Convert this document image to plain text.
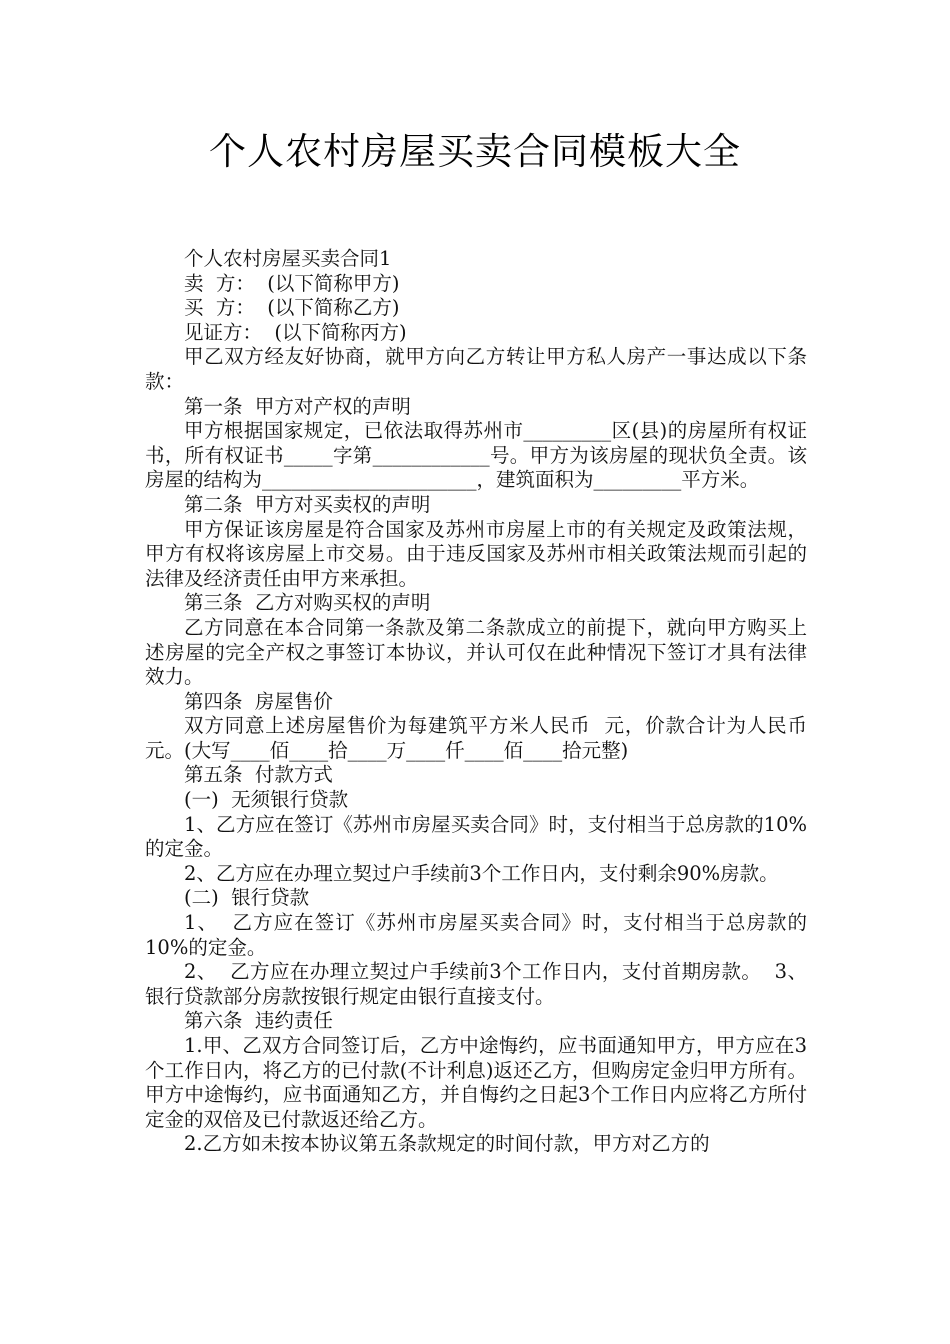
个人农村房屋买卖合同模板大全

个人农村房屋买卖合同1

卖  方：  (以下简称甲方)

买  方：  (以下简称乙方)

见证方：  (以下简称丙方)

甲乙双方经友好协商，就甲方向乙方转让甲方私人房产一事达成以下条款：

第一条  甲方对产权的声明

甲方根据国家规定，已依法取得苏州市_________区(县)的房屋所有权证书，所有权证书_____字第____________号。甲方为该房屋的现状负全责。该房屋的结构为______________________，建筑面积为_________平方米。

第二条  甲方对买卖权的声明

甲方保证该房屋是符合国家及苏州市房屋上市的有关规定及政策法规，甲方有权将该房屋上市交易。由于违反国家及苏州市相关政策法规而引起的法律及经济责任由甲方来承担。

第三条  乙方对购买权的声明

乙方同意在本合同第一条款及第二条款成立的前提下，就向甲方购买上述房屋的完全产权之事签订本协议，并认可仅在此种情况下签订才具有法律效力。

第四条  房屋售价

双方同意上述房屋售价为每建筑平方米人民币  元，价款合计为人民币  元。(大写____佰____拾____万____仟____佰____拾元整)

第五条  付款方式

(一)  无须银行贷款

1、乙方应在签订《苏州市房屋买卖合同》时，支付相当于总房款的10%的定金。

2、乙方应在办理立契过户手续前3个工作日内，支付剩余90%房款。

(二)  银行贷款

1、  乙方应在签订《苏州市房屋买卖合同》时，支付相当于总房款的10%的定金。

2、  乙方应在办理立契过户手续前3个工作日内，支付首期房款。  3、  银行贷款部分房款按银行规定由银行直接支付。

第六条  违约责任

1.甲、乙双方合同签订后，乙方中途悔约，应书面通知甲方，甲方应在3个工作日内，将乙方的已付款(不计利息)返还乙方，但购房定金归甲方所有。甲方中途悔约，应书面通知乙方，并自悔约之日起3个工作日内应将乙方所付定金的双倍及已付款返还给乙方。

2.乙方如未按本协议第五条款规定的时间付款，甲方对乙方的
